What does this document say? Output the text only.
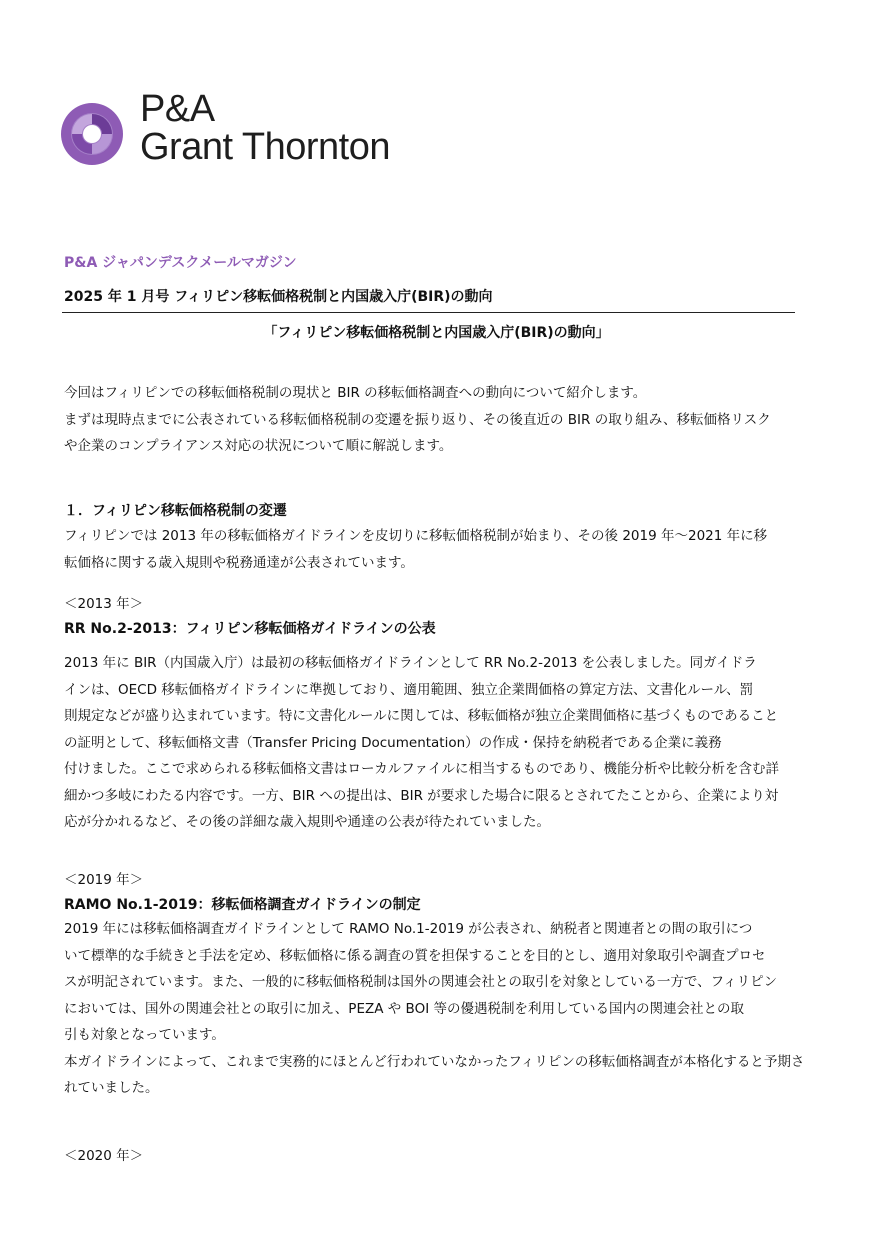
P&A
Grant Thornton
P&A ジャパンデスクメールマガジン
2025 年 1 月号 フィリピン移転価格税制と内国歳入庁(BIR)の動向
「フィリピン移転価格税制と内国歳入庁(BIR)の動向」
今回はフィリピンでの移転価格税制の現状と BIR の移転価格調査への動向について紹介します。
まずは現時点までに公表されている移転価格税制の変遷を振り返り、その後直近の BIR の取り組み、移転価格リスク
や企業のコンプライアンス対応の状況について順に解説します。
１．フィリピン移転価格税制の変遷
フィリピンでは 2013 年の移転価格ガイドラインを皮切りに移転価格税制が始まり、その後 2019 年～2021 年に移
転価格に関する歳入規則や税務通達が公表されています。
＜2013 年＞
RR No.2-2013：フィリピン移転価格ガイドラインの公表
2013 年に BIR（内国歳入庁）は最初の移転価格ガイドラインとして RR No.2-2013 を公表しました。同ガイドラ
インは、OECD 移転価格ガイドラインに準拠しており、適用範囲、独立企業間価格の算定方法、文書化ルール、罰
則規定などが盛り込まれています。特に文書化ルールに関しては、移転価格が独立企業間価格に基づくものであること
の証明として、移転価格文書（Transfer Pricing Documentation）の作成・保持を納税者である企業に義務
付けました。ここで求められる移転価格文書はローカルファイルに相当するものであり、機能分析や比較分析を含む詳
細かつ多岐にわたる内容です。一方、BIR への提出は、BIR が要求した場合に限るとされてたことから、企業により対
応が分かれるなど、その後の詳細な歳入規則や通達の公表が待たれていました。
＜2019 年＞
RAMO No.1-2019：移転価格調査ガイドラインの制定
2019 年には移転価格調査ガイドラインとして RAMO No.1-2019 が公表され、納税者と関連者との間の取引につ
いて標準的な手続きと手法を定め、移転価格に係る調査の質を担保することを目的とし、適用対象取引や調査プロセ
スが明記されています。また、一般的に移転価格税制は国外の関連会社との取引を対象としている一方で、フィリピン
においては、国外の関連会社との取引に加え、PEZA や BOI 等の優遇税制を利用している国内の関連会社との取
引も対象となっています。
本ガイドラインによって、これまで実務的にほとんど行われていなかったフィリピンの移転価格調査が本格化すると予期さ
れていました。
＜2020 年＞
